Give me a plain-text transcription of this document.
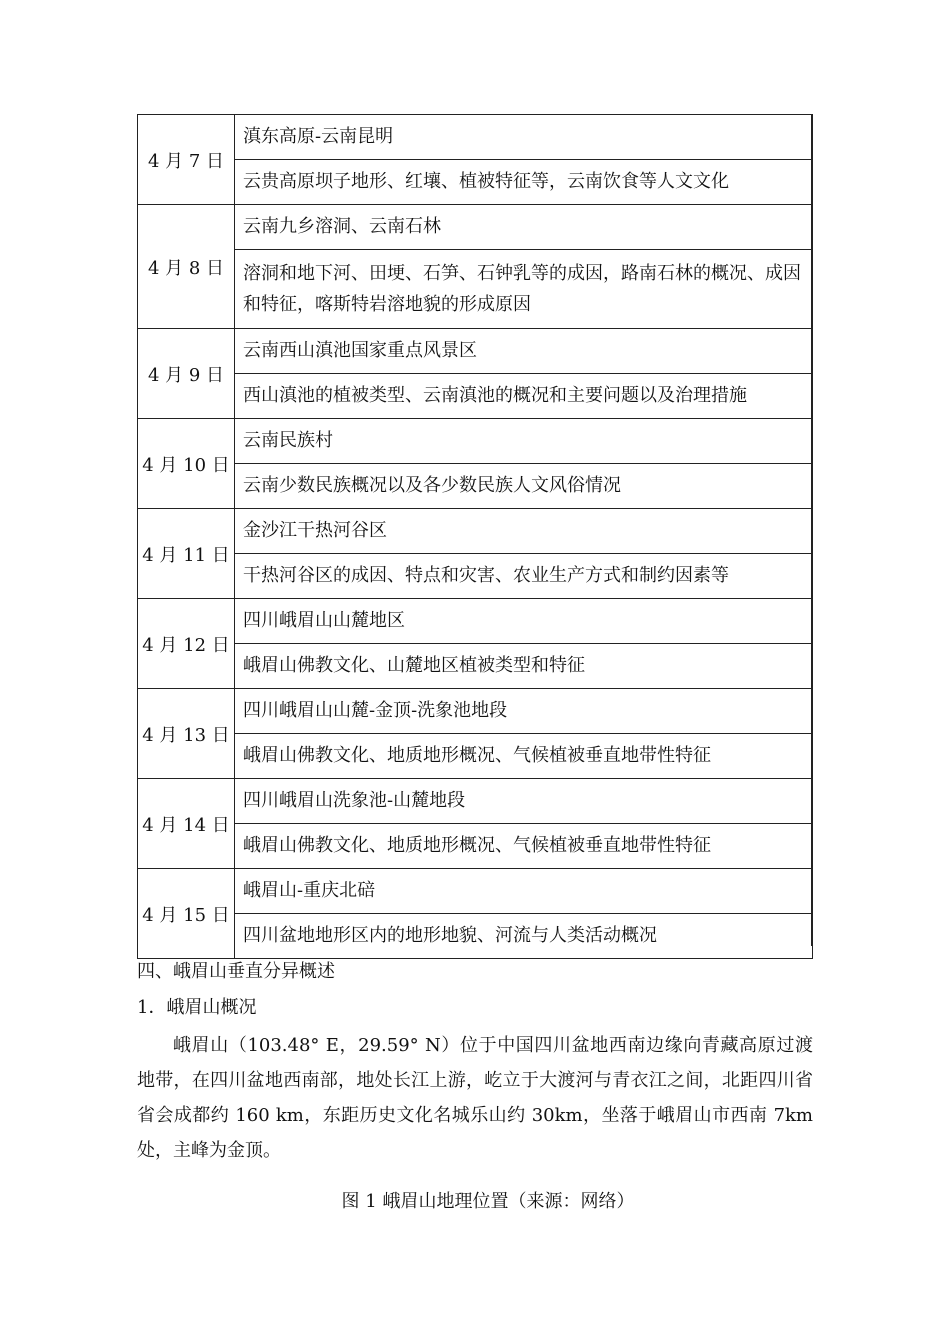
4 月 7 日	滇东高原-云南昆明
	云贵高原坝子地形、红壤、植被特征等，云南饮食等人文文化
4 月 8 日	云南九乡溶洞、云南石林
	溶洞和地下河、田埂、石笋、石钟乳等的成因，路南石林的概况、成因和特征，喀斯特岩溶地貌的形成原因
4 月 9 日	云南西山滇池国家重点风景区
	西山滇池的植被类型、云南滇池的概况和主要问题以及治理措施
4 月 10 日	云南民族村
	云南少数民族概况以及各少数民族人文风俗情况
4 月 11 日	金沙江干热河谷区
	干热河谷区的成因、特点和灾害、农业生产方式和制约因素等
4 月 12 日	四川峨眉山山麓地区
	峨眉山佛教文化、山麓地区植被类型和特征
4 月 13 日	四川峨眉山山麓-金顶-洗象池地段
	峨眉山佛教文化、地质地形概况、气候植被垂直地带性特征
4 月 14 日	四川峨眉山洗象池-山麓地段
	峨眉山佛教文化、地质地形概况、气候植被垂直地带性特征
4 月 15 日	峨眉山-重庆北碚
	四川盆地地形区内的地形地貌、河流与人类活动概况
四、峨眉山垂直分异概述
1．峨眉山概况
峨眉山（103.48° E，29.59° N）位于中国四川盆地西南边缘向青藏高原过渡地带，在四川盆地西南部，地处长江上游，屹立于大渡河与青衣江之间，北距四川省省会成都约 160 km，东距历史文化名城乐山约 30km，坐落于峨眉山市西南 7km 处，主峰为金顶。
图 1 峨眉山地理位置（来源：网络）
